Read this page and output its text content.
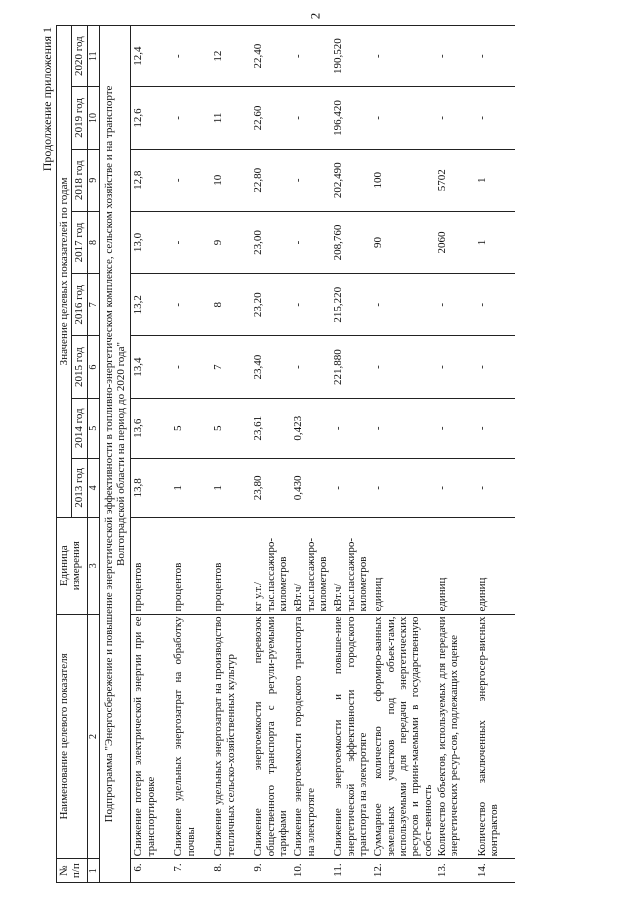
2
Продолжение приложения 1
№ п/п	Наименование целевого показателя	Единица измерения	Значение целевых показателей по годам							
			2013 год	2014 год	2015 год	2016 год	2017 год	2018 год	2019 год	2020 год
1	2	3	4	5	6	7	8	9	10	11
Подпрограмма "Энергосбережение и повышение энергетической эффективности в топливно-энергетическом комплексе, сельском хозяйстве и на транспорте Волгоградской области на период до 2020 года"										
6.	Снижение потери электрической энергии при ее транспортировке	процентов	13,8	13,6	13,4	13,2	13,0	12,8	12,6	12,4
7.	Снижение удельных энергозатрат на обработку почвы	процентов	1	5	-	-	-	-	-	-
8.	Снижение удельных энергозатрат на производство тепличных сельско-хозяйственных культур	процентов	1	5	7	8	9	10	11	12
9.	Снижение энергоемкости перевозок общественного транспорта с регули-руемыми тарифами	кг у.т./ тыс.пассажиро-километров	23,80	23,61	23,40	23,20	23,00	22,80	22,60	22,40
10.	Снижение энергоемкости городского транспорта на электротяге	кВт.ч/ тыс.пассажиро-километров	0,430	0,423	-	-	-	-	-	-
11.	Снижение энергоемкости и повыше-ние энергетической эффективности городского транспорта на электротяге	кВт.ч/ тыс.пассажиро-километров	-	-	221,880	215,220	208,760	202,490	196,420	190,520
12.	Суммарное количество сформиро-ванных земельных участков под объек-тами, используемыми для передачи энергетических ресурсов и прини-маемыми в государственную собст-венность	единиц	-	-	-	-	90	100	-	-
13.	Количество объектов, используемых для передачи энергетических ресур-сов, подлежащих оценке	единиц	-	-	-	-	2060	5702	-	-
14.	Количество заключенных энергосер-висных контрактов	единиц	-	-	-	-	1	1	-	-
